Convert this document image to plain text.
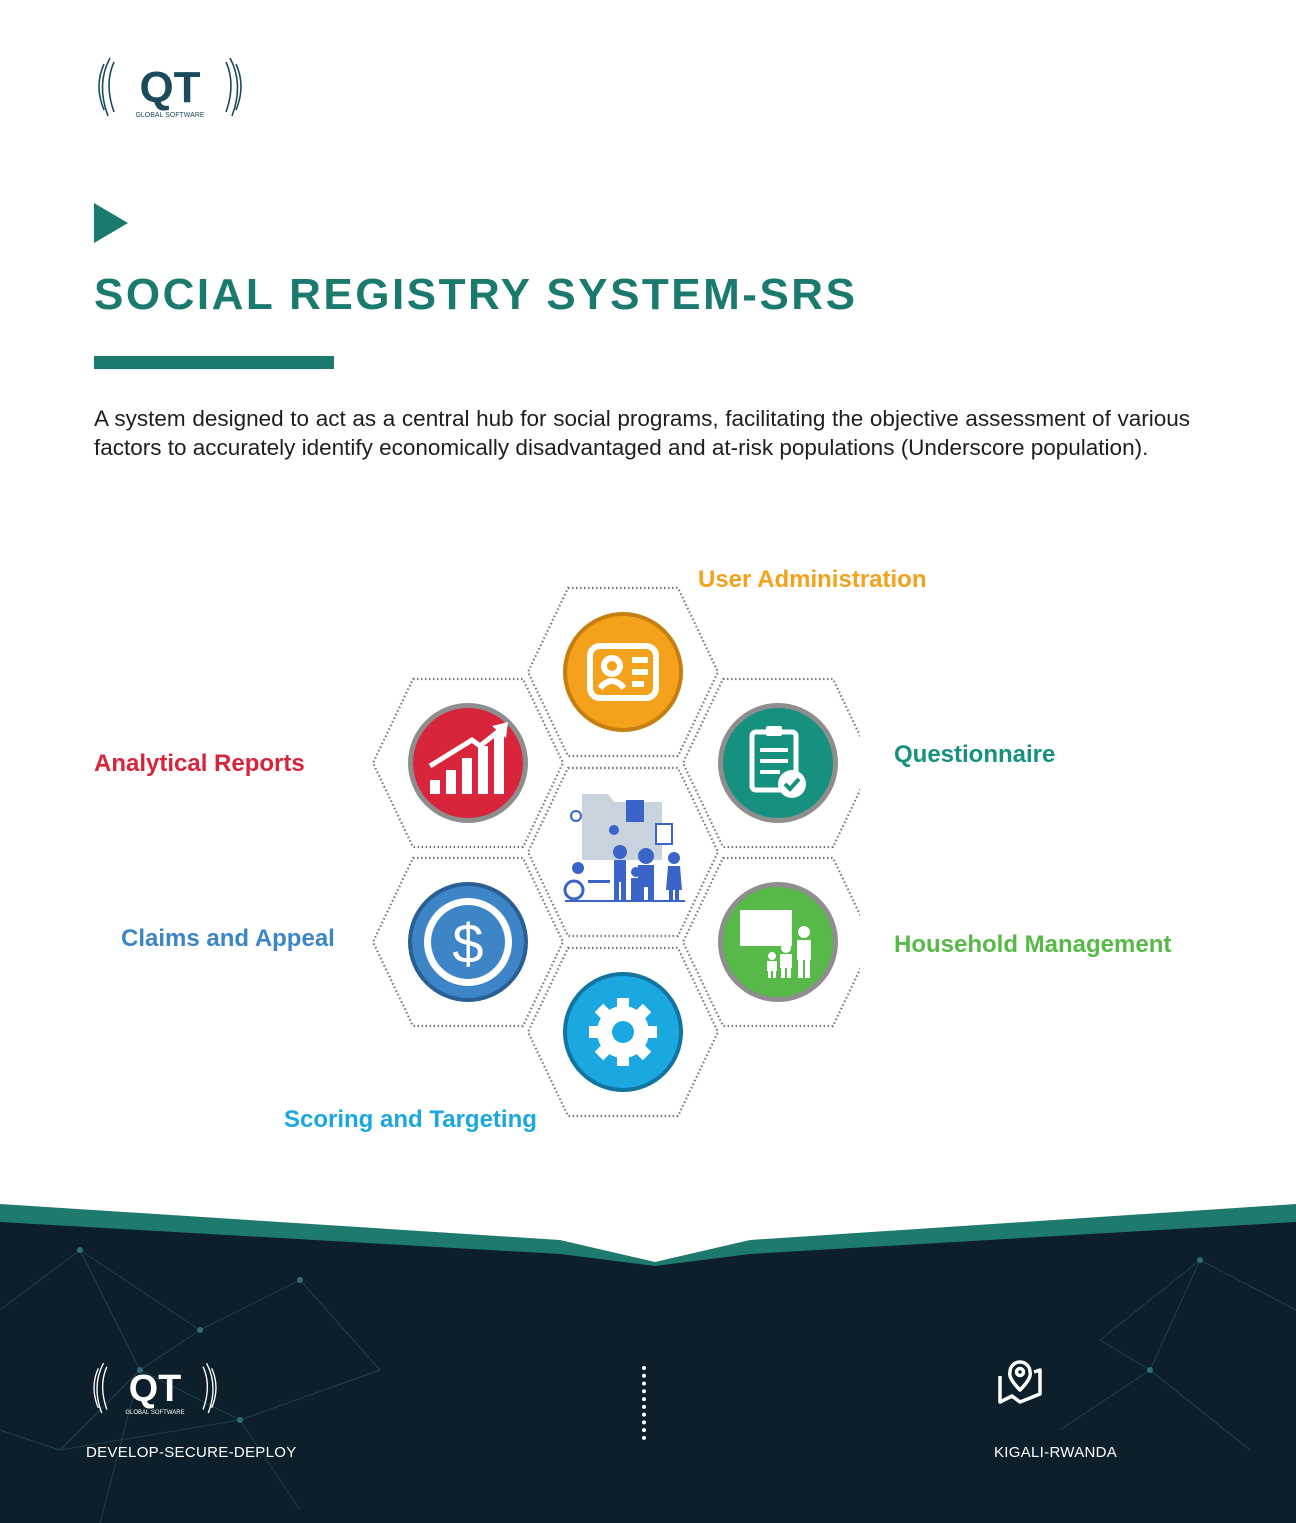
QT
GLOBAL SOFTWARE
SOCIAL REGISTRY SYSTEM-SRS
A system designed to act as a central hub for social programs, facilitating the objective assessment of various factors to accurately identify economically disadvantaged and at-risk populations (Underscore population).
$
User Administration
Questionnaire
Household Management
Scoring and Targeting
Claims and Appeal
Analytical Reports
QT
GLOBAL SOFTWARE
DEVELOP-SECURE-DEPLOY	KIGALI-RWANDA
